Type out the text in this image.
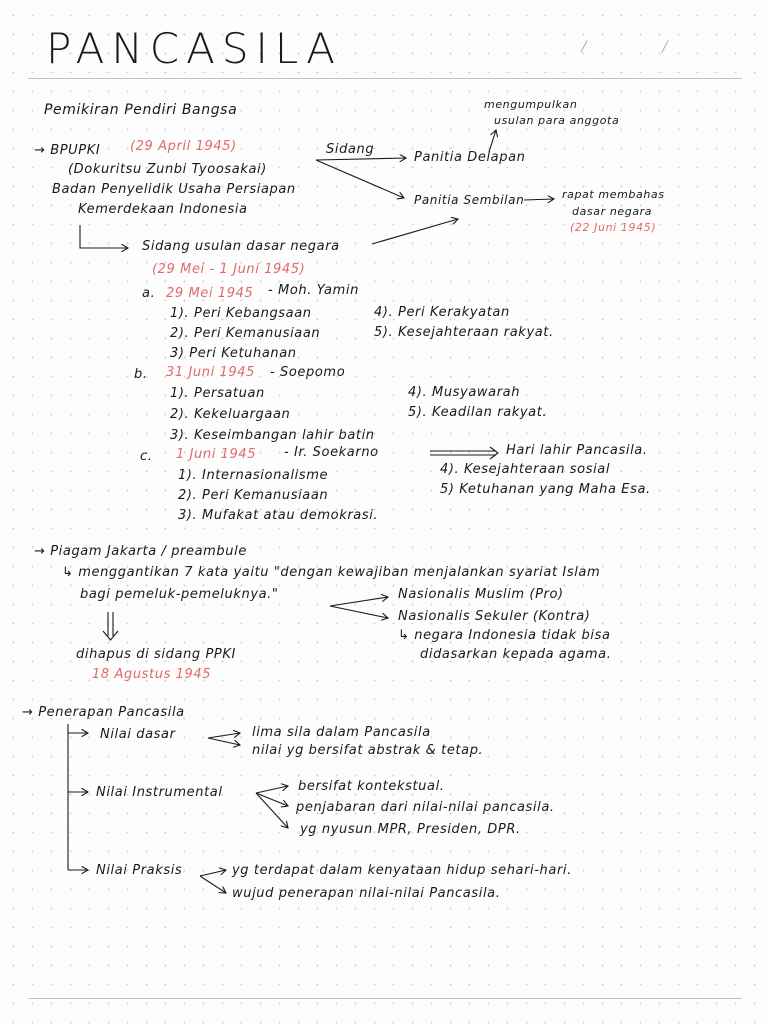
PANCASILA
Pemikiran Pendiri Bangsa
→ BPUPKI (29 April 1945)
(Dokuritsu Zunbi Tyoosakai)
Badan Penyelidik Usaha Persiapan
Kemerdekaan Indonesia
Sidang
Panitia Delapan
mengumpulkan
usulan para anggota
Panitia Sembilan	rapat membahas
dasar negara
(22 Juni 1945)
Sidang usulan dasar negara
(29 Mei - 1 Juni 1945)
a. 29 Mei 1945 - Moh. Yamin
1). Peri Kebangsaan
2). Peri Kemanusiaan
3) Peri Ketuhanan
4). Peri Kerakyatan
5). Kesejahteraan rakyat.
b. 31 Juni 1945 - Soepomo
1). Persatuan
2). Kekeluargaan
3). Keseimbangan lahir batin
4). Musyawarah
5). Keadilan rakyat.
c. 1 Juni 1945 - Ir. Soekarno
1). Internasionalisme
2). Peri Kemanusiaan
3). Mufakat atau demokrasi.
4). Kesejahteraan sosial
5) Ketuhanan yang Maha Esa.
Hari lahir Pancasila.
→ Piagam Jakarta / preambule
↳ menggantikan 7 kata yaitu "dengan kewajiban menjalankan syariat Islam
bagi pemeluk-pemeluknya."	Nasionalis Muslim (Pro)
Nasionalis Sekuler (Kontra)
↳ negara Indonesia tidak bisa
didasarkan kepada agama.
dihapus di sidang PPKI
18 Agustus 1945
→ Penerapan Pancasila
Nilai dasar	lima sila dalam Pancasila
nilai yg bersifat abstrak & tetap.
Nilai Instrumental	bersifat kontekstual.
penjabaran dari nilai-nilai pancasila.
yg nyusun MPR, Presiden, DPR.
Nilai Praksis	yg terdapat dalam kenyataan hidup sehari-hari.
wujud penerapan nilai-nilai Pancasila.
